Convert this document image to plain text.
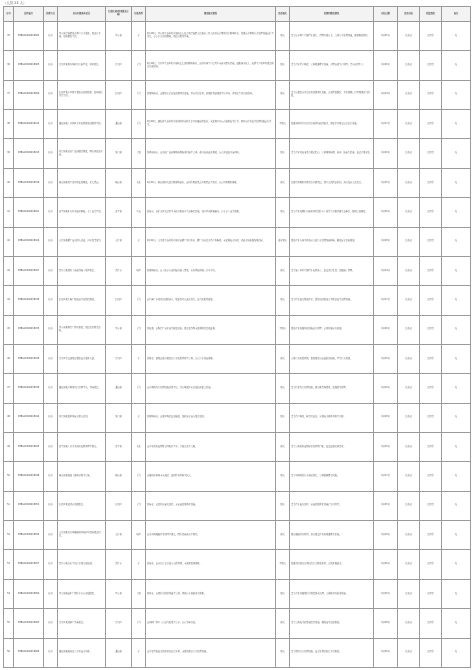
（人员 23 人）
序号	信件编号	处理方式	对应问题基本信息	行政区域(涉事群众主体)	污染类型	调查核实情况	是否属实	处理和整改情况	办结日期	是否办结	回复情况	备注
35	D3BG20200918002	转办	华宁县盘溪镇某养殖户污水直排，周边有异味，影响群众生活。	华宁县	水	9月19日，华宁县生态环境分局执法人员会同盘溪镇人民政府工作人员对该养殖场进行现场检查，发现该养殖场污水处理设施运行不正常，存在污水外排现象，周边有明显异味。	属实	责令该养殖户立即停止排污，清理外排污水，完善污水处理设施，限期整改到位。	9月25日	已办结	已回复	无
36	D3BG20200918005	转办	江川区某砂石场粉尘污染严重，噪声扰民。	江川区	大气	9月19日，江川区生态环境分局执法人员到现场检查，该砂石场生产过程中未落实降尘措施，道路扬尘较大，夜间生产噪声对周边居民造成影响。	属实	责令企业停产整改，完善喷淋降尘设施，合理安排生产时间，禁止夜间生产。	9月26日	已办结	已回复	无
37	D3BG20200918009	转办	红塔区某小区楼下餐饮店油烟直排，影响居民正常生活。	红塔区	大气	经现场核查，该餐饮店已安装油烟净化设施，但未正常使用，油烟经管道排放至小区内，对居民生活造成影响。	属实	责令该餐饮店正常使用油烟净化设施，定期清洗维护，并将排烟口引至楼顶高空排放。	9月24日	已办结	已回复	无
38	D3BG20200918012	转办	通海县某工业园区企业夜间排放刺激性气体。	通海县	大气	9月20日，通海县生态环境分局对园区内相关企业开展夜间巡查，未发现企业存在偷排废气行为，园区内企业废气处理设施运行正常。	不属实	加强对园区企业的日常监管和夜间巡查，督促企业规范运行治污设施。	9月27日	已办结	已回复	无
39	D3BG20200918015	转办	易门县某冶炼厂废渣随意堆放，雨天渗滤液外流。	易门县	土壤	经调查核实，该冶炼厂废渣堆场防雨防渗措施不完善，部分废渣露天堆放，存在渗滤液外流风险。	属实	责令企业对废渣进行规范贮存，完善堆场防雨、防渗、防流失措施，依法立案查处。	9月29日	已办结	已回复	无
40	D3BG20200918018	转办	峨山县某村生活垃圾长期堆放，无人清运。	峨山县	其他	9月21日，峨山县相关部门到现场核查，该村垃圾收集点垃圾清运不及时，存在垃圾堆积现象。	属实	已组织对堆积垃圾进行全面清运，建立定期清运机制，落实保洁人员责任。	9月25日	已办结	已回复	无
41	D3BG20200918021	转办	新平县某矿山开采破坏植被，水土流失严重。	新平县	生态	经核实，该矿山开采过程中未按方案落实生态修复措施，部分区域植被破坏，存在水土流失现象。	属实	责令企业按照矿山地质环境保护与土地复垦方案开展生态修复，限期完成整改。	9月30日	已办结	已回复	无
42	D3BG20200918024	转办	元江县某糖厂废水排入河道，河水发黑发臭。	元江县	水	9月21日，元江县生态环境分局对该糖厂进行检查，糖厂目前处于停产检修期，未发现废水外排，河道水质监测结果达标。	部分属实	督促企业在榨季开始前完成污水处理设施检修，确保废水达标排放。	9月28日	已办结	已回复	无
43	D3BG20200918027	转办	澄江市某建筑工地夜间施工噪声扰民。	澄江市	噪声	经现场核查，该工地存在夜间连续施工情况，未办理夜间施工许可手续。	属实	责令施工单位立即停止夜间施工，依法进行处罚，加强施工管理。	9月24日	已办结	已回复	无
44	D3BG20200918030	转办	红塔区某汽修厂喷漆废气无组织排放。	红塔区	大气	该汽修厂未设置密闭喷漆房，喷漆作业在露天进行，废气无组织排放。	属实	责令停止露天喷漆作业，建设密闭喷漆房并配套废气治理设施。	9月27日	已办结	已回复	无
45	D3BG20200918033	转办	华宁县某陶瓷厂烟尘排放，周边农作物受影响。	华宁县	大气	经监测，该陶瓷厂窑炉废气排放达标，周边农作物未发现明显受损迹象。	不属实	督促企业加强环保设施运行管理，定期开展自行监测。	9月26日	已办结	已回复	无
46	D3BG20200918036	转办	江川区星云湖周边餐饮废水直排入湖。	江川区	水	经排查，湖周边部分餐饮店污水收集管网不完善，存在污水漫流现象。	属实	完善污水收集管网，督促餐饮店安装隔油设施，严禁污水直排。	9月30日	已办结	已回复	无
47	D3BG20200918039	转办	通海县某养殖场粪污处理不当，臭味扰民。	通海县	大气	该养殖场粪污处理设施容量不足，粪污堆放区未采取防渗遮盖措施。	属实	责令扩建粪污处理设施，规范堆粪场建设，加强除臭管理。	9月29日	已办结	已回复	无
48	D3BG20200918042	转办	易门县某洗砂场废水排入农田。	易门县	水	经现场核查，该洗砂场沉淀池破损，洗砂废水流入周边农田。	属实	责令停产整改，修复沉淀池，实现废水循环利用不外排。	9月28日	已办结	已回复	无
49	D3BG20200918045	转办	新平县某工业企业危险废物管理不规范。	新平县	其他	该企业危险废物暂存间标识不全，台账记录不完整。	属实	责令完善危险废物标识和管理台账，依法依规转移处置。	9月30日	已办结	已回复	无
50	D3BG20200918048	转办	峨山县某混凝土搅拌站粉尘污染。	峨山县	大气	该搅拌站料场未全封闭，装卸作业时粉尘较大。	属实	责令对料场进行全封闭改造，完善喷淋降尘设施。	9月27日	已办结	已回复	无
51	D3BG20200918051	转办	红塔区某烧烤店油烟扰民。	红塔区	大气	经核查，该烧烤店露天烧烤，未安装油烟净化设施。	属实	责令停止露天烧烤，安装油烟净化设施后方可经营。	9月25日	已办结	已回复	无
52	D3BG20200918054	转办	元江县某采石场爆破噪声和粉尘影响周边村民。	元江县	噪声	该采石场爆破作业时间不规范，降尘措施落实不到位。	属实	规范爆破作业时间，落实湿法作业和喷淋降尘措施。	9月29日	已办结	已回复	无
53	D3BG20200918057	转办	澄江市某宾馆生活污水排入抚仙湖。	澄江市	水	经核查，该宾馆污水已接入市政管网，未发现直排现象。	不属实	加强对沿湖宾馆酒店的污水排放监管，定期开展巡查。	9月26日	已办结	已回复	无
54	D3BG20200918060	转办	华宁县某选矿厂尾矿库存在渗漏隐患。	华宁县	土壤	经检查，该尾矿库排洪设施不完善，坝体存在局部渗水现象。	属实	责令企业开展尾矿库隐患排查治理，完善排洪及防渗设施。	9月30日	已办结	已回复	无
55	D3BG20200918063	转办	江川区某饲料厂异味扰民。	江川区	大气	该饲料厂烘干工序废气收集不完全，存在异味外溢。	属实	责令完善废气收集和除臭设施，确保废气达标排放。	9月28日	已办结	已回复	无
56	D3BG20200918066	转办	通海县某蔬菜加工企业废水外排。	通海县	水	该企业清洗废水经简易沉淀后外排，未建设规范污水处理设施。	属实	责令建设污水处理设施，废水处理达标后方可排放。	9月30日	已办结	已回复	无
